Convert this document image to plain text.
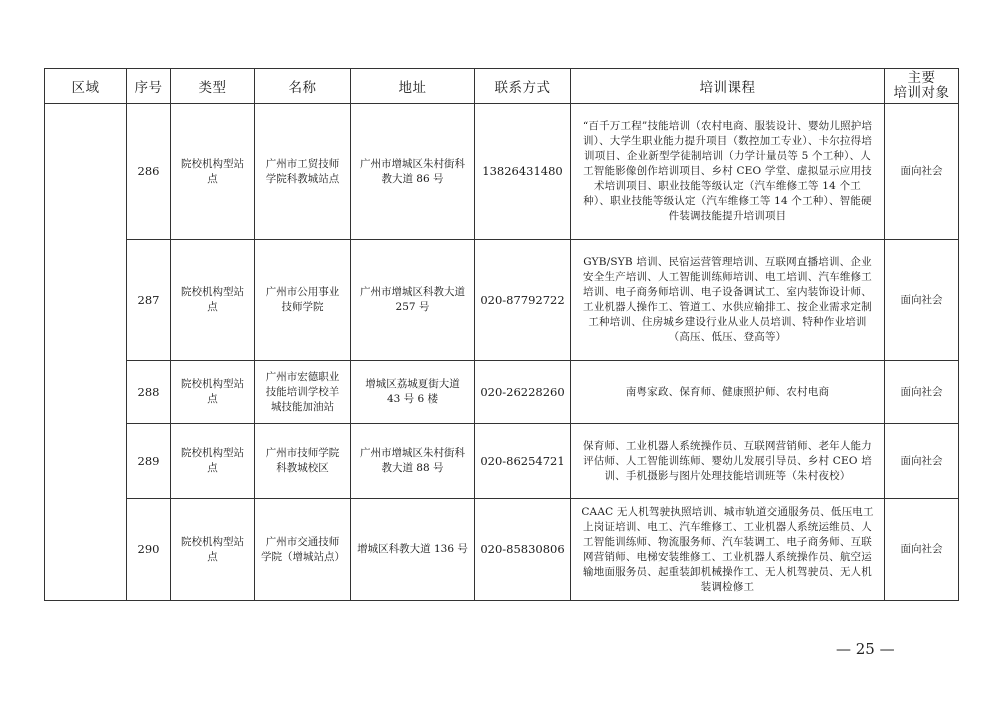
区域	序号	类型	名称	地址	联系方式	培训课程	主要
培训对象

	286	院校机构型站点	广州市工贸技师学院科教城站点	广州市增城区朱村街科教大道 86 号	13826431480	“百千万工程”技能培训（农村电商、服装设计、婴幼儿照护培训）、大学生职业能力提升项目（数控加工专业）、卡尔拉得培训项目、企业新型学徒制培训（力学计量员等 5 个工种）、人工智能影像创作培训项目、乡村 CEO 学堂、虚拟显示应用技术培训项目、职业技能等级认定（汽车维修工等 14 个工种）、职业技能等级认定（汽车维修工等 14 个工种）、智能硬件装调技能提升培训项目	面向社会
	287	院校机构型站点	广州市公用事业技师学院	广州市增城区科教大道 257 号	020-87792722	GYB/SYB 培训、民宿运营管理培训、互联网直播培训、企业安全生产培训、人工智能训练师培训、电工培训、汽车维修工培训、电子商务师培训、电子设备调试工、室内装饰设计师、工业机器人操作工、管道工、水供应输排工、按企业需求定制工种培训、住房城乡建设行业从业人员培训、特种作业培训（高压、低压、登高等）	面向社会
	288	院校机构型站点	广州市宏德职业技能培训学校羊城技能加油站	增城区荔城夏街大道 43 号 6 楼	020-26228260	南粤家政、保育师、健康照护师、农村电商	面向社会
	289	院校机构型站点	广州市技师学院科教城校区	广州市增城区朱村街科教大道 88 号	020-86254721	保育师、工业机器人系统操作员、互联网营销师、老年人能力评估师、人工智能训练师、婴幼儿发展引导员、乡村 CEO 培训、手机摄影与图片处理技能培训班等（朱村夜校）	面向社会
	290	院校机构型站点	广州市交通技师学院（增城站点）	增城区科教大道 136 号	020-85830806	CAAC 无人机驾驶执照培训、城市轨道交通服务员、低压电工上岗证培训、电工、汽车维修工、工业机器人系统运维员、人工智能训练师、物流服务师、汽车装调工、电子商务师、互联网营销师、电梯安装维修工、工业机器人系统操作员、航空运输地面服务员、起重装卸机械操作工、无人机驾驶员、无人机装调检修工	面向社会
— 25 —
